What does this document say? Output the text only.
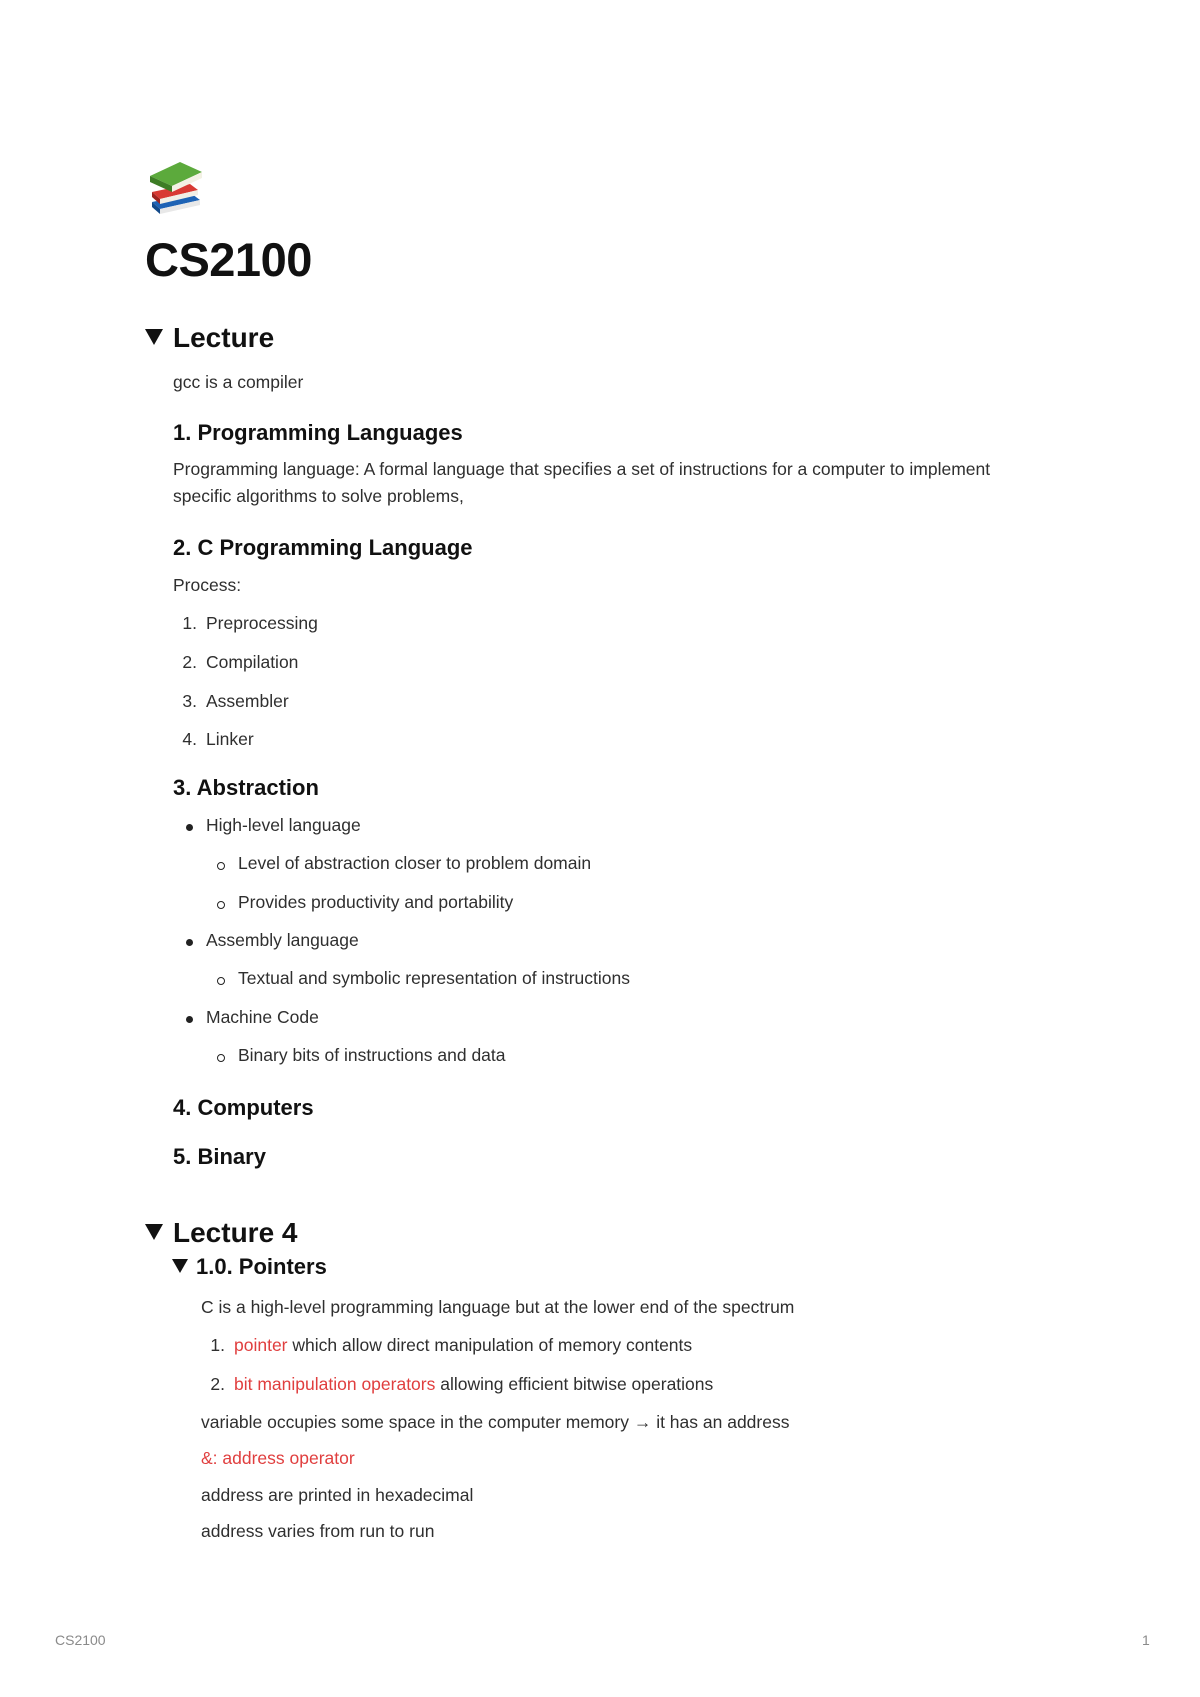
CS2100
Lecture
gcc is a compiler
1. Programming Languages
Programming language: A formal language that specifies a set of instructions for a computer to implement specific algorithms to solve problems,
2. C Programming Language
Process:
1. Preprocessing
2. Compilation
3. Assembler
4. Linker
3. Abstraction
High-level language
Level of abstraction closer to problem domain
Provides productivity and portability
Assembly language
Textual and symbolic representation of instructions
Machine Code
Binary bits of instructions and data
4. Computers
5. Binary
Lecture 4
1.0. Pointers
C is a high-level programming language but at the lower end of the spectrum
1. pointer which allow direct manipulation of memory contents
2. bit manipulation operators allowing efficient bitwise operations
variable occupies some space in the computer memory → it has an address
&: address operator
address are printed in hexadecimal
address varies from run to run
CS2100	1
